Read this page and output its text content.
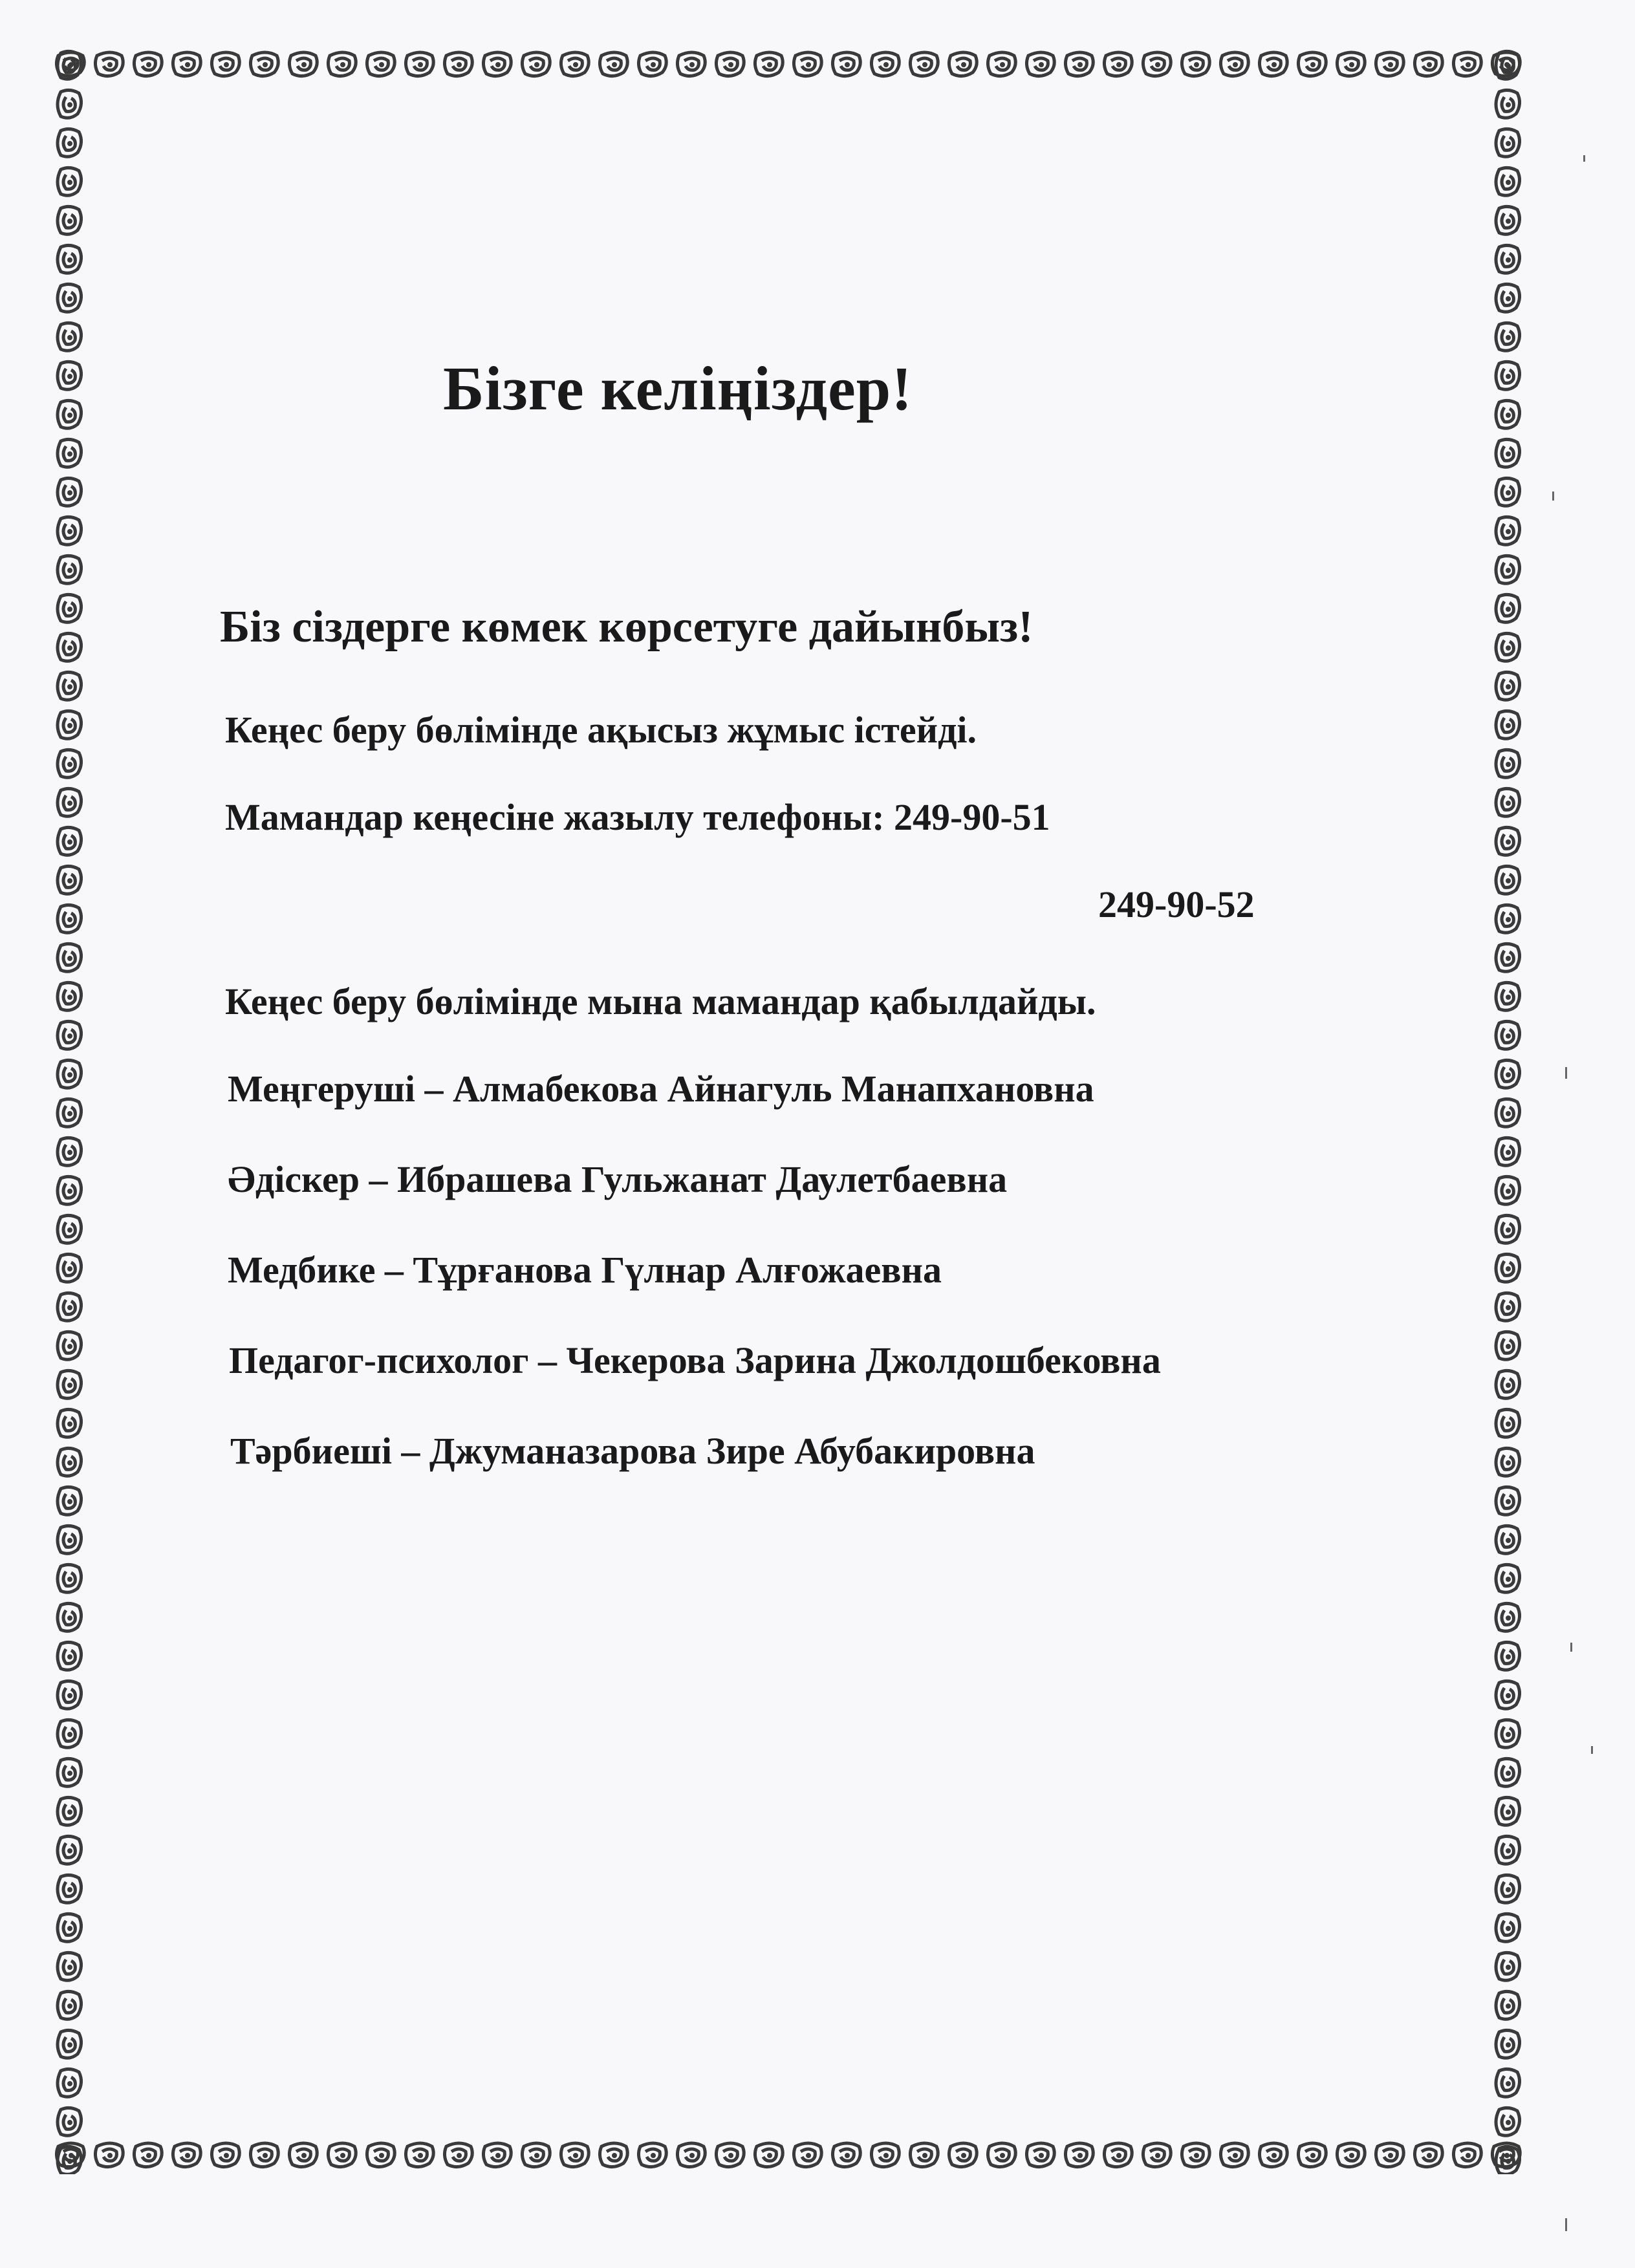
Бізге келіңіздер!
Біз сіздерге көмек көрсетуге дайынбыз!
Кеңес беру бөлімінде ақысыз жұмыс істейді.
Мамандар кеңесіне жазылу телефоны: 249-90-51
249-90-52
Кеңес беру бөлімінде мына мамандар қабылдайды.
Меңгеруші – Алмабекова Айнагуль Манапхановна
Әдіскер – Ибрашева Гульжанат Даулетбаевна
Медбике – Тұрғанова Гүлнар Алғожаевна
Педагог-психолог – Чекерова Зарина Джолдошбековна
Тәрбиеші – Джуманазарова Зире Абубакировна
